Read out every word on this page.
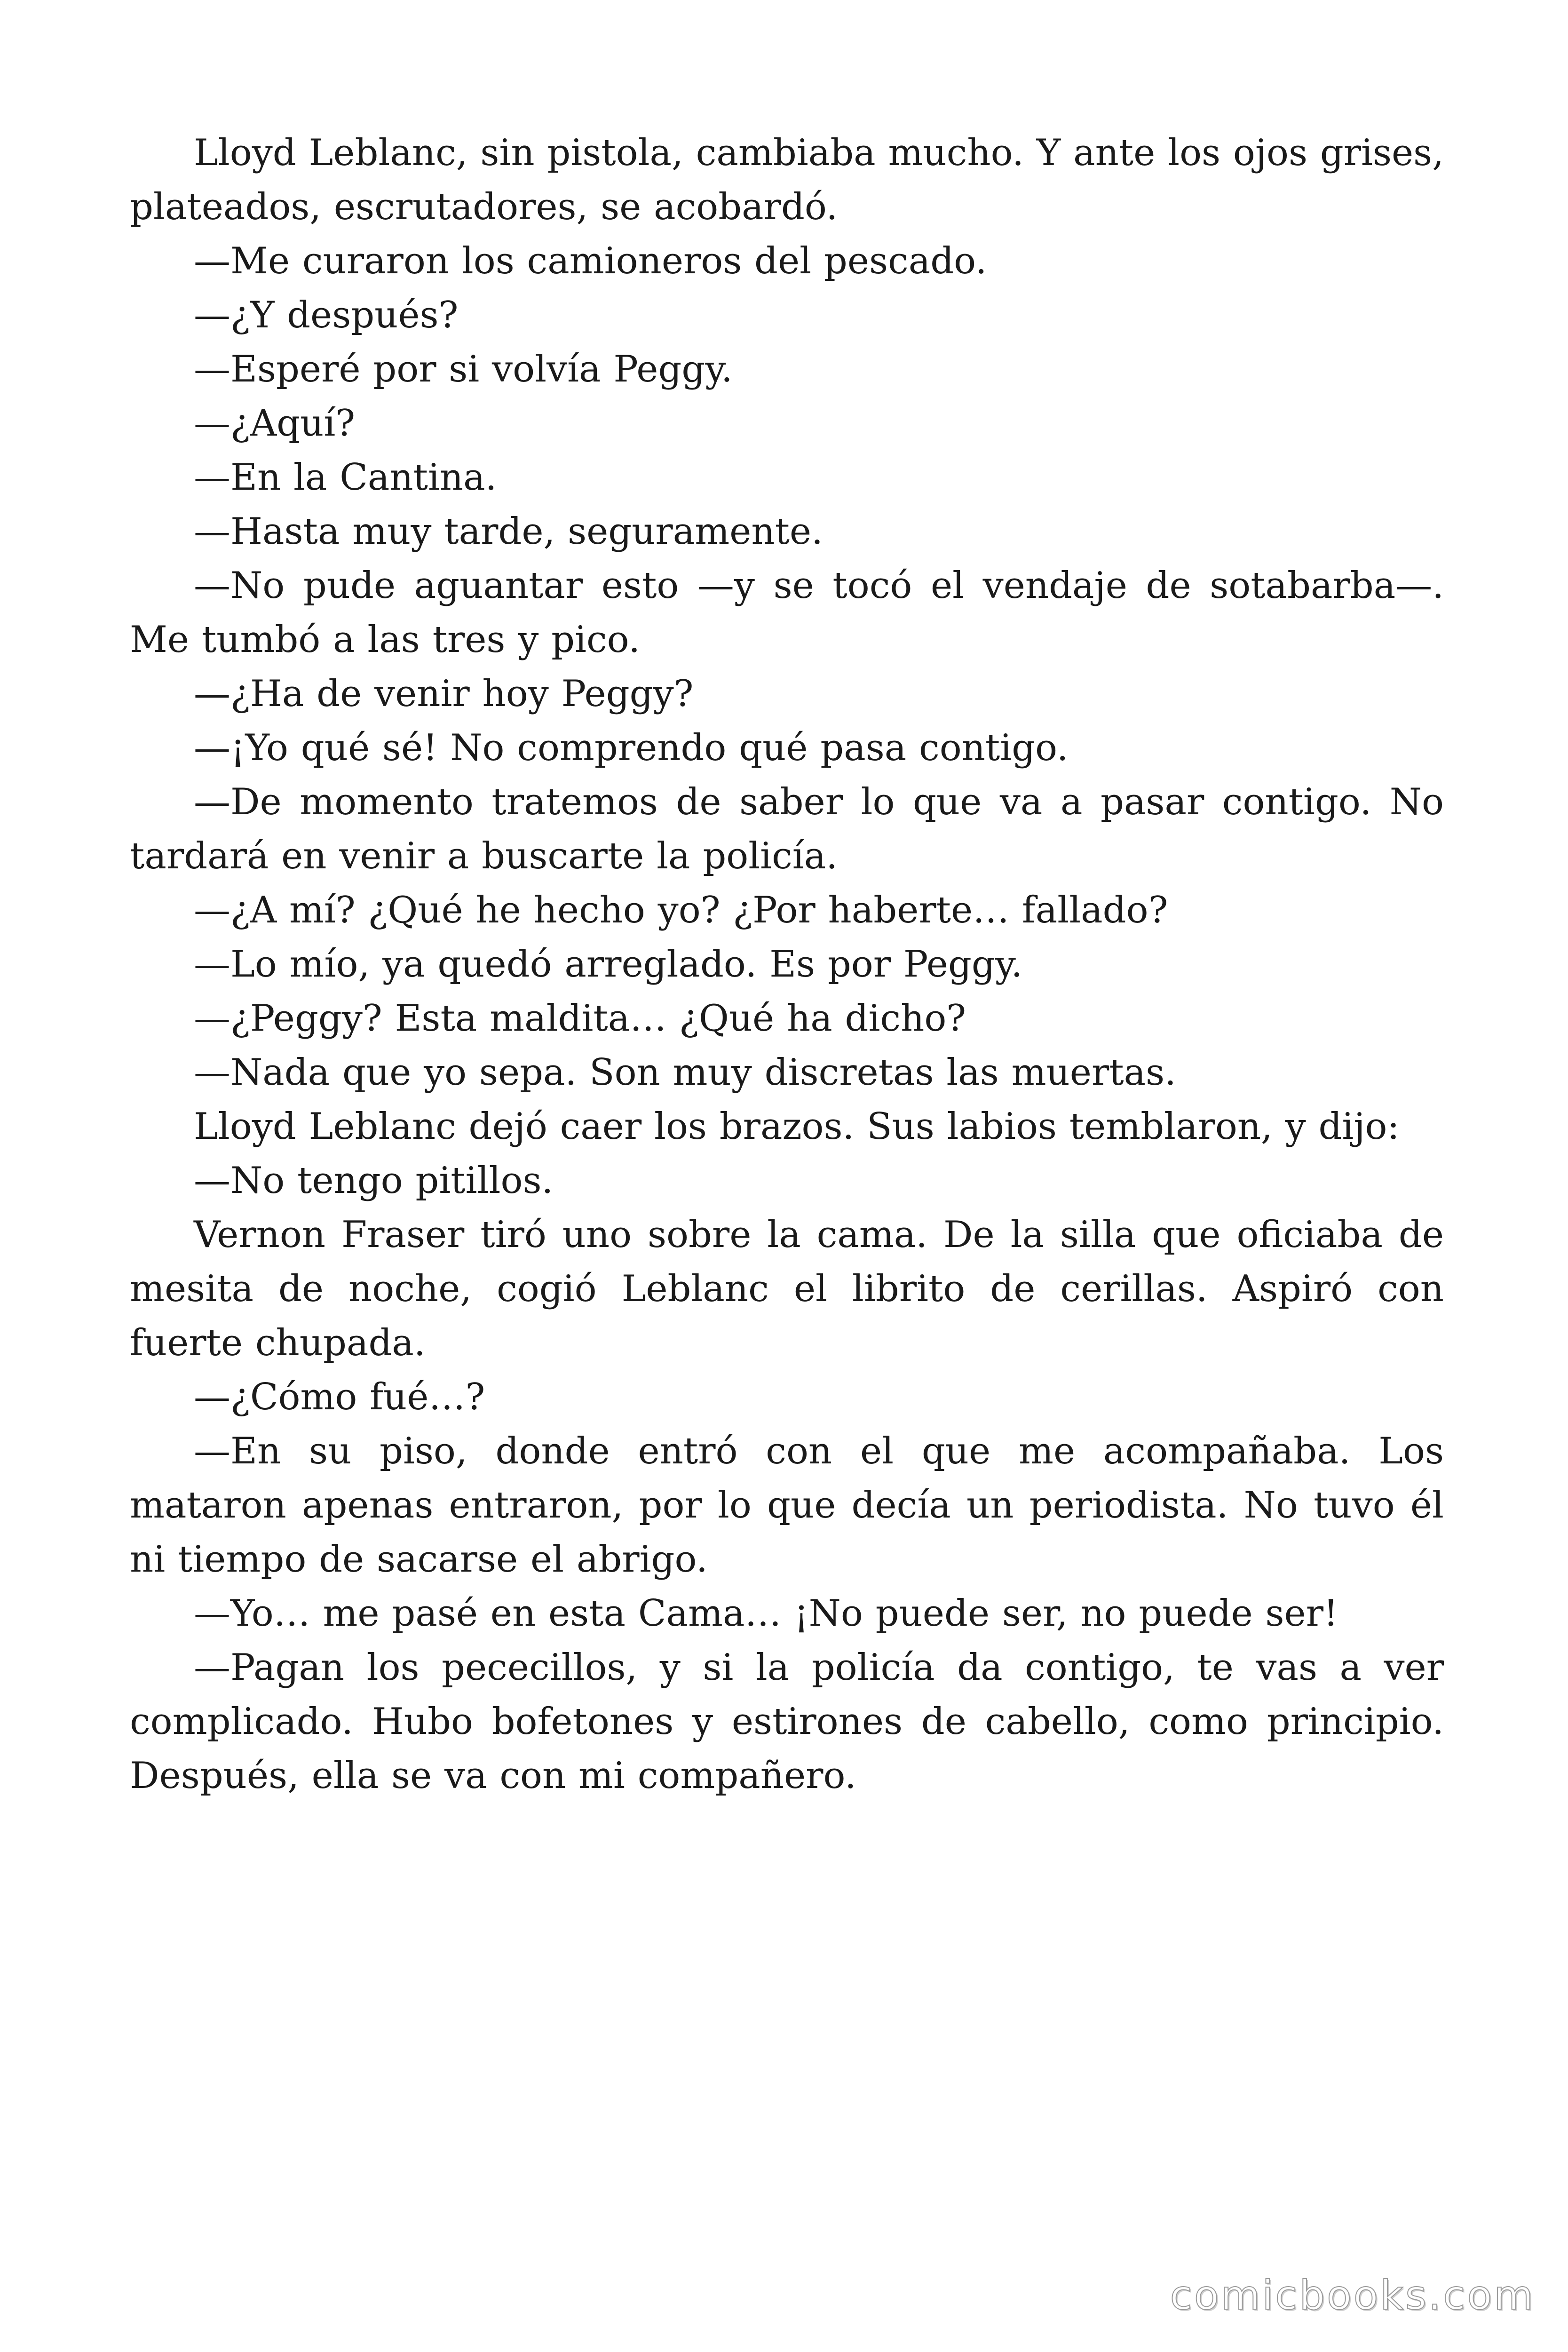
Lloyd Leblanc, sin pistola, cambiaba mucho. Y ante los ojos grises, plateados, escrutadores, se acobardó.

—Me curaron los camioneros del pescado.

—¿Y después?

—Esperé por si volvía Peggy.

—¿Aquí?

—En la Cantina.

—Hasta muy tarde, seguramente.

—No pude aguantar esto —y se tocó el vendaje de sotabarba—. Me tumbó a las tres y pico.

—¿Ha de venir hoy Peggy?

—¡Yo qué sé! No comprendo qué pasa contigo.

—De momento tratemos de saber lo que va a pasar contigo. No tardará en venir a buscarte la policía.

—¿A mí? ¿Qué he hecho yo? ¿Por haberte… fallado?

—Lo mío, ya quedó arreglado. Es por Peggy.

—¿Peggy? Esta maldita… ¿Qué ha dicho?

—Nada que yo sepa. Son muy discretas las muertas.

Lloyd Leblanc dejó caer los brazos. Sus labios temblaron, y dijo:

—No tengo pitillos.

Vernon Fraser tiró uno sobre la cama. De la silla que oficiaba de mesita de noche, cogió Leblanc el librito de cerillas. Aspiró con fuerte chupada.

—¿Cómo fué…?

—En su piso, donde entró con el que me acompañaba. Los mataron apenas entraron, por lo que decía un periodista. No tuvo él ni tiempo de sacarse el abrigo.

—Yo… me pasé en esta Cama… ¡No puede ser, no puede ser!

—Pagan los pececillos, y si la policía da contigo, te vas a ver complicado. Hubo bofetones y estirones de cabello, como principio. Después, ella se va con mi compañero.

comicbooks.com
